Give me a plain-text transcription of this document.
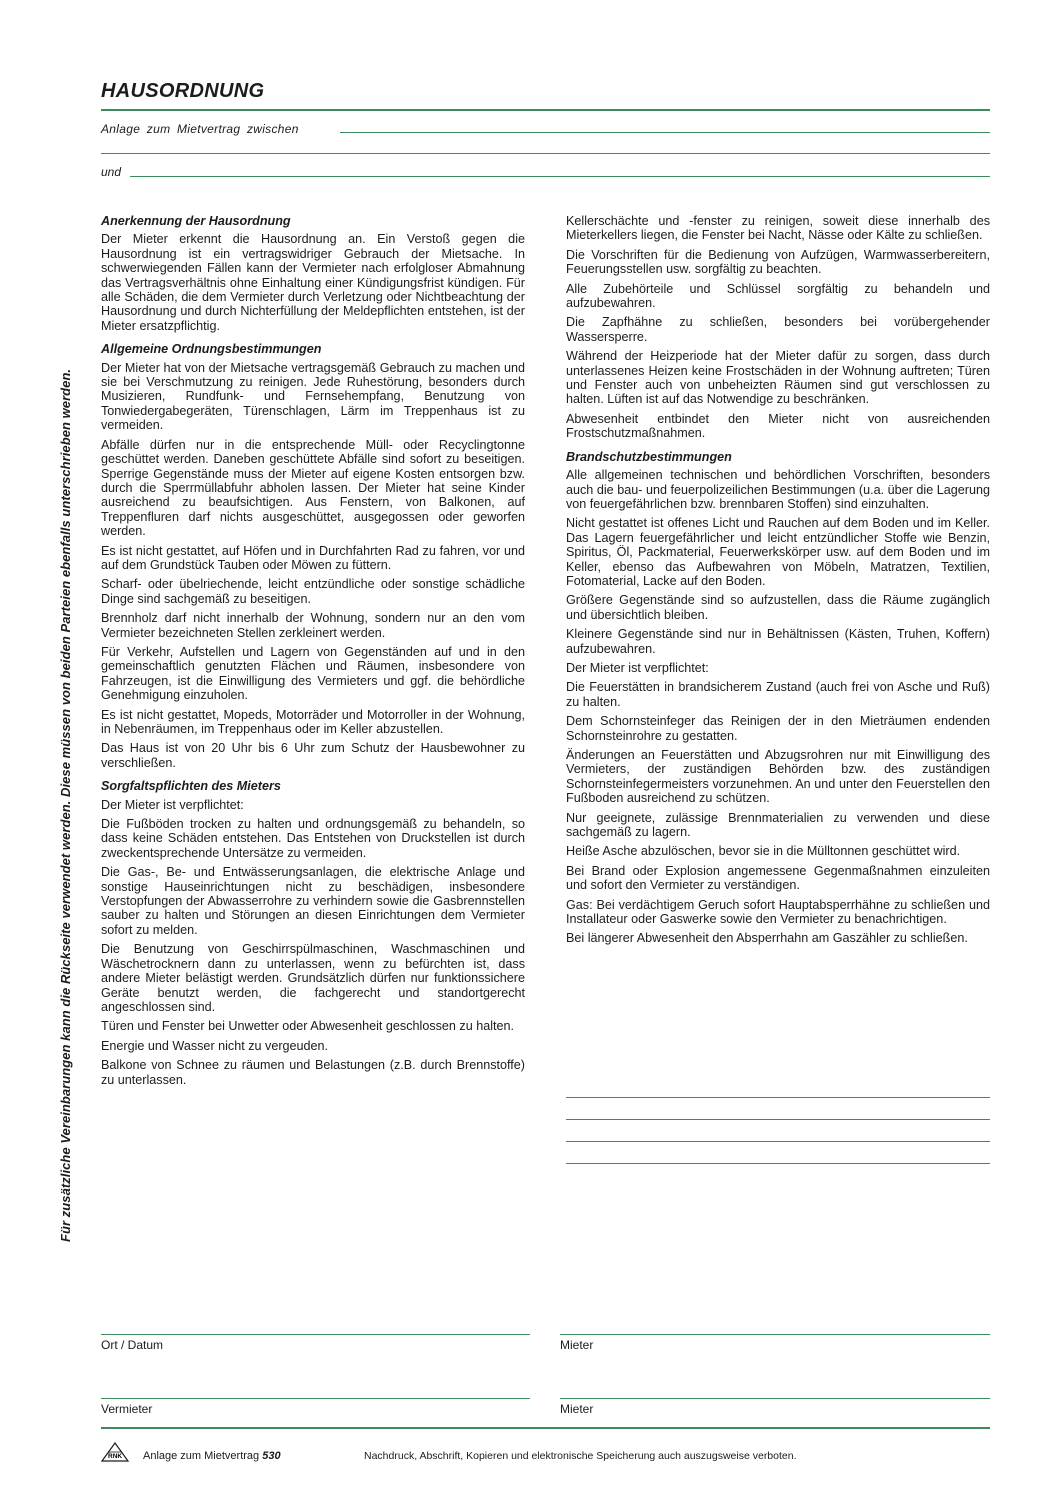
Für zusätzliche Vereinbarungen kann die Rückseite verwendet werden. Diese müssen von beiden Parteien ebenfalls unterschrieben werden.
HAUSORDNUNG
Anlage zum Mietvertrag zwischen
und
Anerkennung der Hausordnung

Der Mieter erkennt die Hausordnung an. Ein Verstoß gegen die Hausordnung ist ein vertragswidriger Gebrauch der Mietsache. In schwerwiegenden Fällen kann der Vermieter nach erfolgloser Abmahnung das Vertragsverhältnis ohne Einhaltung einer Kündigungsfrist kündigen. Für alle Schäden, die dem Vermieter durch Verletzung oder Nichtbeachtung der Hausordnung und durch Nichterfüllung der Meldepflichten entstehen, ist der Mieter ersatzpflichtig.

Allgemeine Ordnungsbestimmungen

Der Mieter hat von der Mietsache vertragsgemäß Gebrauch zu machen und sie bei Verschmutzung zu reinigen. Jede Ruhestörung, besonders durch Musizieren, Rundfunk- und Fernsehempfang, Benutzung von Tonwiedergabegeräten, Türenschlagen, Lärm im Treppenhaus ist zu vermeiden.

Abfälle dürfen nur in die entsprechende Müll- oder Recyclingtonne geschüttet werden. Daneben geschüttete Abfälle sind sofort zu beseitigen. Sperrige Gegenstände muss der Mieter auf eigene Kosten entsorgen bzw. durch die Sperrmüllabfuhr abholen lassen. Der Mieter hat seine Kinder ausreichend zu beaufsichtigen. Aus Fenstern, von Balkonen, auf Treppenfluren darf nichts ausgeschüttet, ausgegossen oder geworfen werden.

Es ist nicht gestattet, auf Höfen und in Durchfahrten Rad zu fahren, vor und auf dem Grundstück Tauben oder Möwen zu füttern.

Scharf- oder übelriechende, leicht entzündliche oder sonstige schädliche Dinge sind sachgemäß zu beseitigen.

Brennholz darf nicht innerhalb der Wohnung, sondern nur an den vom Vermieter bezeichneten Stellen zerkleinert werden.

Für Verkehr, Aufstellen und Lagern von Gegenständen auf und in den gemeinschaftlich genutzten Flächen und Räumen, insbesondere von Fahrzeugen, ist die Einwilligung des Vermieters und ggf. die behördliche Genehmigung einzuholen.

Es ist nicht gestattet, Mopeds, Motorräder und Motorroller in der Wohnung, in Nebenräumen, im Treppenhaus oder im Keller abzustellen.

Das Haus ist von 20 Uhr bis 6 Uhr zum Schutz der Hausbewohner zu verschließen.

Sorgfaltspflichten des Mieters

Der Mieter ist verpflichtet:

Die Fußböden trocken zu halten und ordnungsgemäß zu behandeln, so dass keine Schäden entstehen. Das Entstehen von Druckstellen ist durch zweckentsprechende Untersätze zu vermeiden.

Die Gas-, Be- und Entwässerungsanlagen, die elektrische Anlage und sonstige Hauseinrichtungen nicht zu beschädigen, insbesondere Verstopfungen der Abwasserrohre zu verhindern sowie die Gasbrennstellen sauber zu halten und Störungen an diesen Einrichtungen dem Vermieter sofort zu melden.

Die Benutzung von Geschirrspülmaschinen, Waschmaschinen und Wäschetrocknern dann zu unterlassen, wenn zu befürchten ist, dass andere Mieter belästigt werden. Grundsätzlich dürfen nur funktionssichere Geräte benutzt werden, die fachgerecht und standortgerecht angeschlossen sind.

Türen und Fenster bei Unwetter oder Abwesenheit geschlossen zu halten.

Energie und Wasser nicht zu vergeuden.

Balkone von Schnee zu räumen und Belastungen (z.B. durch Brennstoffe) zu unterlassen.

Kellerschächte und -fenster zu reinigen, soweit diese innerhalb des Mieterkellers liegen, die Fenster bei Nacht, Nässe oder Kälte zu schließen.

Die Vorschriften für die Bedienung von Aufzügen, Warmwasserbereitern, Feuerungsstellen usw. sorgfältig zu beachten.

Alle Zubehörteile und Schlüssel sorgfältig zu behandeln und aufzubewahren.

Die Zapfhähne zu schließen, besonders bei vorübergehender Wassersperre.

Während der Heizperiode hat der Mieter dafür zu sorgen, dass durch unterlassenes Heizen keine Frostschäden in der Wohnung auftreten; Türen und Fenster auch von unbeheizten Räumen sind gut verschlossen zu halten. Lüften ist auf das Notwendige zu beschränken.

Abwesenheit entbindet den Mieter nicht von ausreichenden Frostschutzmaßnahmen.

Brandschutzbestimmungen

Alle allgemeinen technischen und behördlichen Vorschriften, besonders auch die bau- und feuerpolizeilichen Bestimmungen (u.a. über die Lagerung von feuergefährlichen bzw. brennbaren Stoffen) sind einzuhalten.

Nicht gestattet ist offenes Licht und Rauchen auf dem Boden und im Keller. Das Lagern feuergefährlicher und leicht entzündlicher Stoffe wie Benzin, Spiritus, Öl, Packmaterial, Feuerwerkskörper usw. auf dem Boden und im Keller, ebenso das Aufbewahren von Möbeln, Matratzen, Textilien, Fotomaterial, Lacke auf den Boden.

Größere Gegenstände sind so aufzustellen, dass die Räume zugänglich und übersichtlich bleiben.

Kleinere Gegenstände sind nur in Behältnissen (Kästen, Truhen, Koffern) aufzubewahren.

Der Mieter ist verpflichtet:

Die Feuerstätten in brandsicherem Zustand (auch frei von Asche und Ruß) zu halten.

Dem Schornsteinfeger das Reinigen der in den Mieträumen endenden Schornsteinrohre zu gestatten.

Änderungen an Feuerstätten und Abzugsrohren nur mit Einwilligung des Vermieters, der zuständigen Behörden bzw. des zuständigen Schornsteinfegermeisters vorzunehmen. An und unter den Feuerstellen den Fußboden ausreichend zu schützen.

Nur geeignete, zulässige Brennmaterialien zu verwenden und diese sachgemäß zu lagern.

Heiße Asche abzulöschen, bevor sie in die Mülltonnen geschüttet wird.

Bei Brand oder Explosion angemessene Gegenmaßnahmen einzuleiten und sofort den Vermieter zu verständigen.

Gas: Bei verdächtigem Geruch sofort Hauptabsperrhähne zu schließen und Installateur oder Gaswerke sowie den Vermieter zu benachrichtigen.

Bei längerer Abwesenheit den Absperrhahn am Gaszähler zu schließen.

Ort / Datum	Mieter
Vermieter	Mieter
RNK Anlage zum Mietvertrag 530	Nachdruck, Abschrift, Kopieren und elektronische Speicherung auch auszugsweise verboten.
